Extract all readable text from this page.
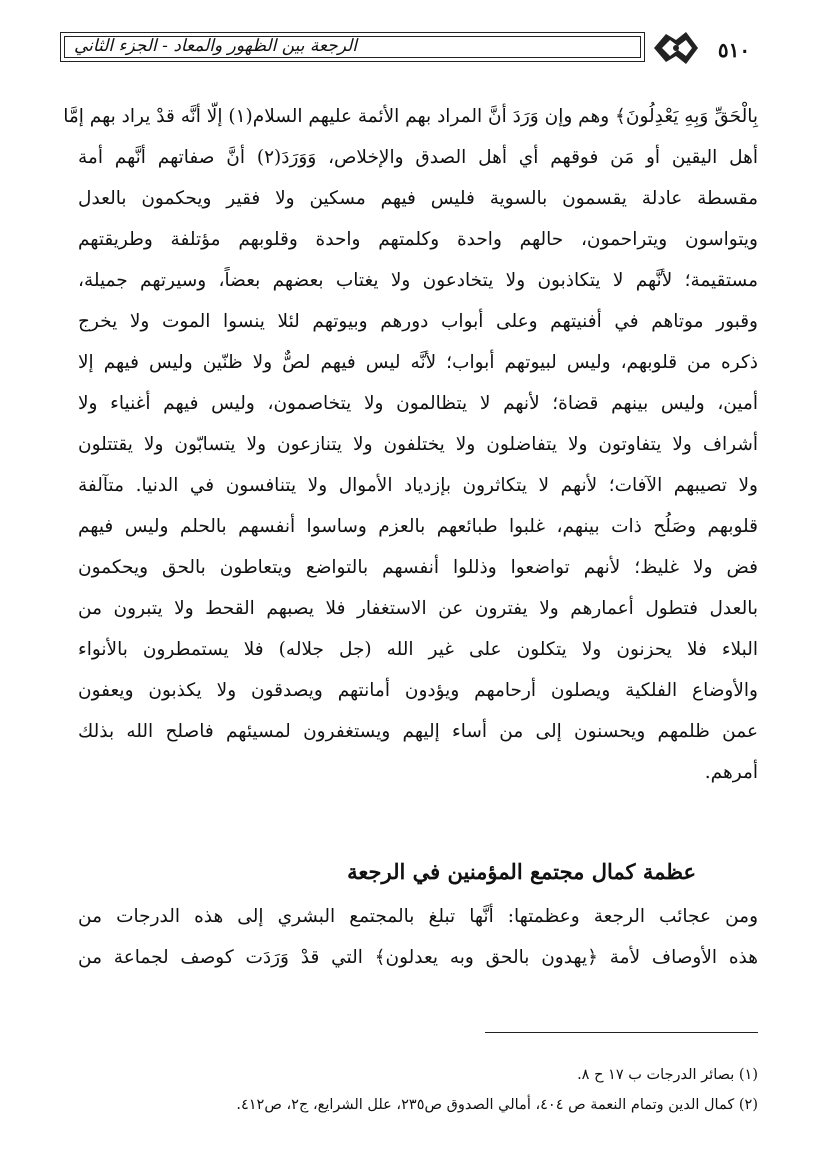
الرجعة بين الظهور والمعاد - الجزء الثاني	٥١٠
بِالْحَقِّ وَبِهِ يَعْدِلُونَ﴾ وهم وإن وَرَدَ أنَّ المراد بهم الأئمة عليهم السلام(١) إلّا أنَّه قدْ يراد بهم إمَّا
أهل اليقين أو مَن فوقهم أي أهل الصدق والإخلاص، وَوَرَدَ(٢) أنَّ صفاتهم أنَّهم أمة
مقسطة عادلة يقسمون بالسوية فليس فيهم مسكين ولا فقير ويحكمون بالعدل
ويتواسون ويتراحمون، حالهم واحدة وكلمتهم واحدة وقلوبهم مؤتلفة وطريقتهم
مستقيمة؛ لأنَّهم لا يتكاذبون ولا يتخادعون ولا يغتاب بعضهم بعضاً، وسيرتهم جميلة،
وقبور موتاهم في أفنيتهم وعلى أبواب دورهم وبيوتهم لئلا ينسوا الموت ولا يخرج
ذكره من قلوبهم، وليس لبيوتهم أبواب؛ لأنَّه ليس فيهم لصٌّ ولا ظنّين وليس فيهم إلا
أمين، وليس بينهم قضاة؛ لأنهم لا يتظالمون ولا يتخاصمون، وليس فيهم أغنياء ولا
أشراف ولا يتفاوتون ولا يتفاضلون ولا يختلفون ولا يتنازعون ولا يتسابّون ولا يقتتلون
ولا تصيبهم الآفات؛ لأنهم لا يتكاثرون بإزدياد الأموال ولا يتنافسون في الدنيا. متآلفة
قلوبهم وصَلُح ذات بينهم، غلبوا طبائعهم بالعزم وساسوا أنفسهم بالحلم وليس فيهم
فض ولا غليظ؛ لأنهم تواضعوا وذللوا أنفسهم بالتواضع ويتعاطون بالحق ويحكمون
بالعدل فتطول أعمارهم ولا يفترون عن الاستغفار فلا يصبهم القحط ولا يتبرون من
البلاء فلا يحزنون ولا يتكلون على غير الله (جل جلاله) فلا يستمطرون بالأنواء
والأوضاع الفلكية ويصلون أرحامهم ويؤدون أمانتهم ويصدقون ولا يكذبون ويعفون
عمن ظلمهم ويحسنون إلى من أساء إليهم ويستغفرون لمسيئهم فاصلح الله بذلك
أمرهم.
عظمة كمال مجتمع المؤمنين في الرجعة
ومن عجائب الرجعة وعظمتها: أنَّها تبلغ بالمجتمع البشري إلى هذه الدرجات من
هذه الأوصاف لأمة ﴿يهدون بالحق وبه يعدلون﴾ التي قدْ وَرَدَت كوصف لجماعة من
(١) بصائر الدرجات ب ١٧ ح ٨.
(٢) كمال الدين وتمام النعمة ص ٤٠٤، أمالي الصدوق ص٢٣٥، علل الشرايع، ج٢، ص٤١٢.
